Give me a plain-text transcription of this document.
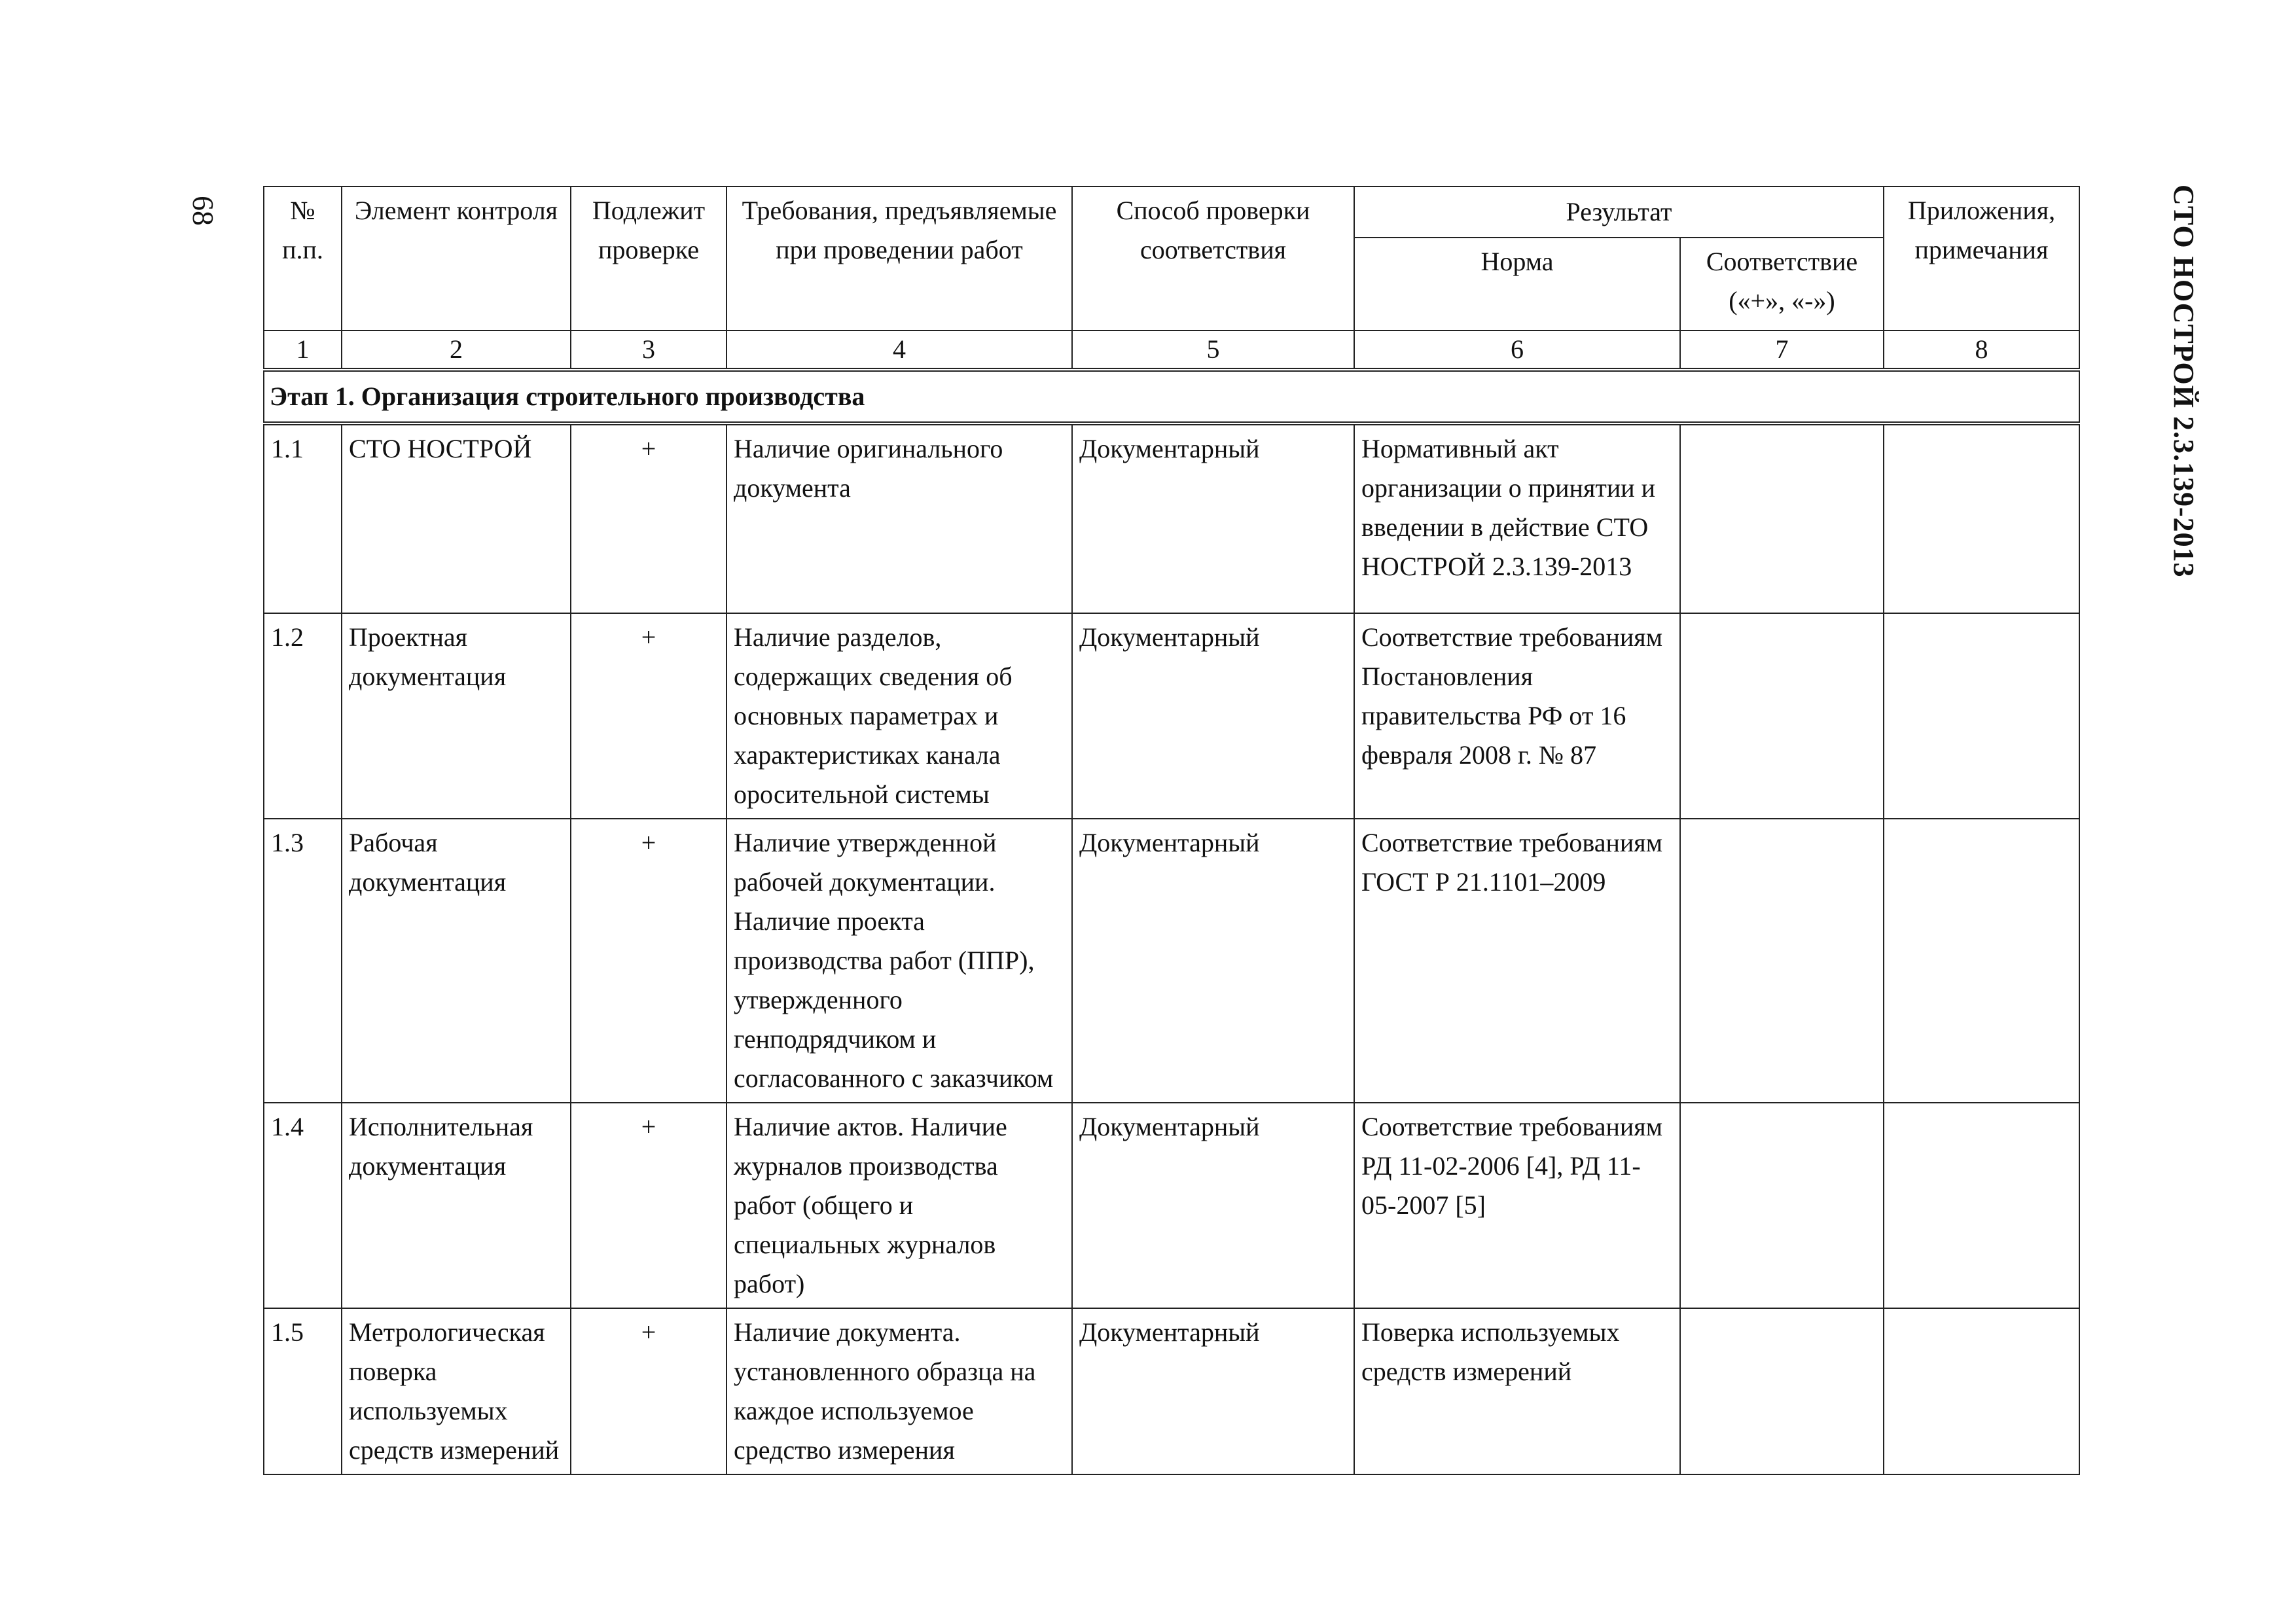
68	СТО НОСТРОЙ 2.3.139-2013
№ п.п.	Элемент контроля	Подлежит проверке	Требования, предъявляемые при проведении работ	Способ проверки соответствия	Результат		Приложения, примечания
					Норма	Соответствие («+», «-»)	
1	2	3	4	5	6	7	8
Этап 1. Организация строительного производства							
1.1	СТО НОСТРОЙ	+	Наличие оригинального документа	Документарный	Нормативный акт организации о принятии и введении в действие СТО НОСТРОЙ 2.3.139-2013		
1.2	Проектная документация	+	Наличие разделов, содержащих сведения об основных параметрах и характеристиках канала оросительной системы	Документарный	Соответствие требованиям Постановления правительства РФ от 16 февраля 2008 г. № 87		
1.3	Рабочая документация	+	Наличие утвержденной рабочей документации. Наличие проекта производства работ (ППР), утвержденного генподрядчиком и согласованного с заказчиком	Документарный	Соответствие требованиям ГОСТ Р 21.1101–2009		
1.4	Исполнительная документация	+	Наличие актов. Наличие журналов производства работ (общего и специальных журналов работ)	Документарный	Соответствие требованиям РД 11-02-2006 [4], РД 11-05-2007 [5]		
1.5	Метрологическая поверка используемых средств измерений	+	Наличие документа. установленного образца на каждое используемое средство измерения	Документарный	Поверка используемых средств измерений		
